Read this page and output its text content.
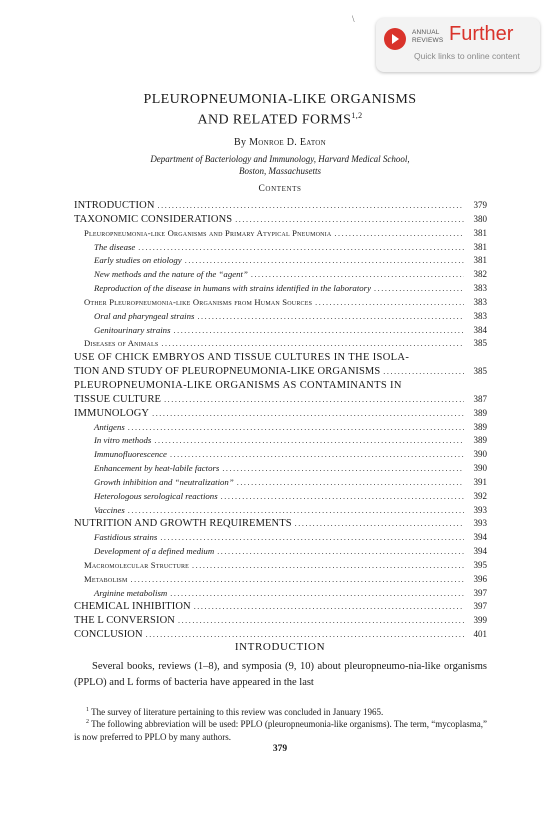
\
ANNUAL
REVIEWS Further
Quick links to online content
PLEUROPNEUMONIA-LIKE ORGANISMS
AND RELATED FORMS$^{1,2}$
By Monroe D. Eaton
Department of Bacteriology and Immunology, Harvard Medical School,
Boston, Massachusetts
Contents
INTRODUCTION .....	379
TAXONOMIC CONSIDERATIONS .....	380
Pleuropneumonia-like Organisms and Primary Atypical Pneumonia .....	381
The disease .....	381
Early studies on etiology .....	381
New methods and the nature of the “agent” .....	382
Reproduction of the disease in humans with strains identified in the laboratory .....	383
Other Pleuropneumonia-like Organisms from Human Sources .....	383
Oral and pharyngeal strains .....	383
Genitourinary strains .....	384
Diseases of Animals .....	385
USE OF CHICK EMBRYOS AND TISSUE CULTURES IN THE ISOLA-
TION AND STUDY OF PLEUROPNEUMONIA-LIKE ORGANISMS .....	385
PLEUROPNEUMONIA-LIKE ORGANISMS AS CONTAMINANTS IN
TISSUE CULTURE .....	387
IMMUNOLOGY .....	389
Antigens .....	389
In vitro methods .....	389
Immunofluorescence .....	390
Enhancement by heat-labile factors .....	390
Growth inhibition and “neutralization” .....	391
Heterologous serological reactions .....	392
Vaccines .....	393
NUTRITION AND GROWTH REQUIREMENTS .....	393
Fastidious strains .....	394
Development of a defined medium .....	394
Macromolecular Structure .....	395
Metabolism .....	396
Arginine metabolism .....	397
CHEMICAL INHIBITION .....	397
THE L CONVERSION .....	399
CONCLUSION .....	401
INTRODUCTION
Several books, reviews (1–8), and symposia (9, 10) about pleuropneumo-nia-like organisms (PPLO) and L forms of bacteria have appeared in the last
$^1$ The survey of literature pertaining to this review was concluded in January 1965.
$^2$ The following abbreviation will be used: PPLO (pleuropneumonia-like organisms). The term, “mycoplasma,” is now preferred to PPLO by many authors.
379
